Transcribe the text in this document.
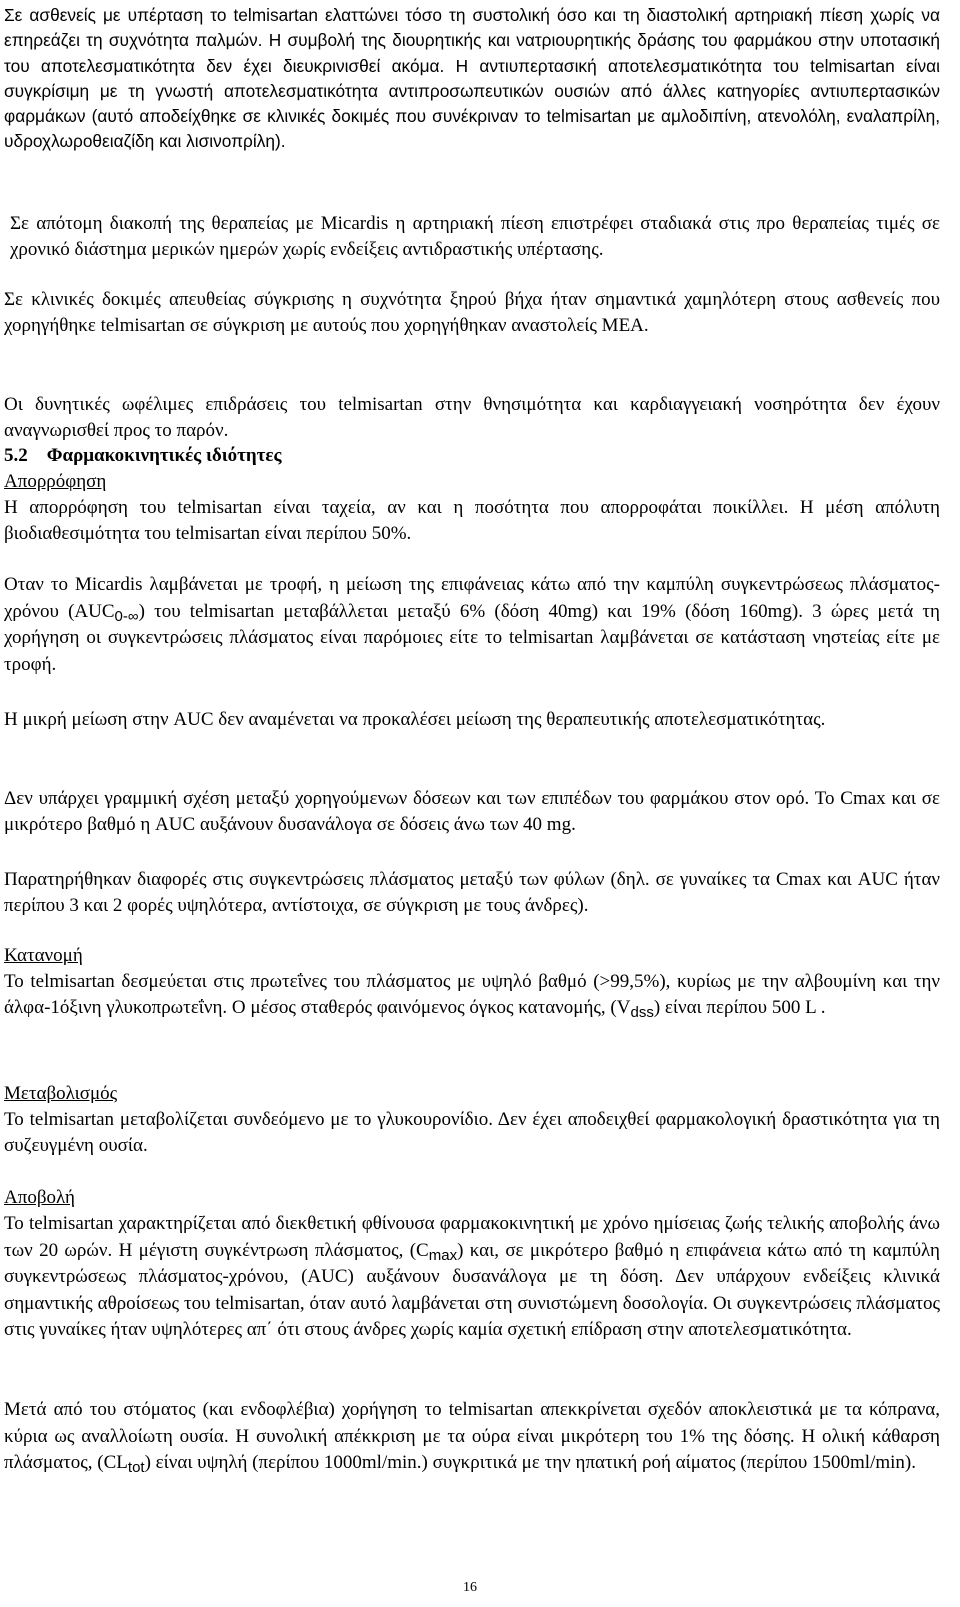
Σε ασθενείς με υπέρταση το telmisartan ελαττώνει τόσο τη συστολική όσο και τη διαστολική αρτηριακή πίεση χωρίς να επηρεάζει τη συχνότητα παλμών. Η συμβολή της διουρητικής και νατριουρητικής δράσης του φαρμάκου στην υποτασική του αποτελεσματικότητα δεν έχει διευκρινισθεί ακόμα. Η αντιυπερτασική αποτελεσματικότητα του telmisartan είναι συγκρίσιμη με τη γνωστή αποτελεσματικότητα αντιπροσωπευτικών ουσιών από άλλες κατηγορίες αντιυπερτασικών φαρμάκων (αυτό αποδείχθηκε σε κλινικές δοκιμές που συνέκριναν το telmisartan με αμλοδιπίνη, ατενολόλη, εναλαπρίλη, υδροχλωροθειαζίδη και λισινοπρίλη).

Σε απότομη διακοπή της θεραπείας με Micardis η αρτηριακή πίεση επιστρέφει σταδιακά στις προ θεραπείας τιμές σε χρονικό διάστημα μερικών ημερών χωρίς ενδείξεις αντιδραστικής υπέρτασης.

Σε κλινικές δοκιμές απευθείας σύγκρισης η συχνότητα ξηρού βήχα ήταν σημαντικά χαμηλότερη στους ασθενείς που χορηγήθηκε telmisartan σε σύγκριση με αυτούς που χορηγήθηκαν αναστολείς ΜΕΑ.

Οι δυνητικές ωφέλιμες επιδράσεις του telmisartan στην θνησιμότητα και καρδιαγγειακή νοσηρότητα δεν έχουν αναγνωρισθεί προς το παρόν.

5.2 Φαρμακοκινητικές ιδιότητες
Απορρόφηση

Η απορρόφηση του telmisartan είναι ταχεία, αν και η ποσότητα που απορροφάται ποικίλλει. Η μέση απόλυτη βιοδιαθεσιμότητα του telmisartan είναι περίπου 50%.

Οταν το Micardis λαμβάνεται με τροφή, η μείωση της επιφάνειας κάτω από την καμπύλη συγκεντρώσεως πλάσματος-χρόνου $(AUC_{0-\infty})$ του telmisartan μεταβάλλεται μεταξύ 6% (δόση 40mg) και 19% (δόση 160mg). 3 ώρες μετά τη χορήγηση οι συγκεντρώσεις πλάσματος είναι παρόμοιες είτε το telmisartan λαμβάνεται σε κατάσταση νηστείας είτε με τροφή.

Η μικρή μείωση στην AUC δεν αναμένεται να προκαλέσει μείωση της θεραπευτικής αποτελεσματικότητας.

Δεν υπάρχει γραμμική σχέση μεταξύ χορηγούμενων δόσεων και των επιπέδων του φαρμάκου στον ορό. Το Cmax και σε μικρότερο βαθμό η AUC αυξάνουν δυσανάλογα σε δόσεις άνω των 40 mg.

Παρατηρήθηκαν διαφορές στις συγκεντρώσεις πλάσματος μεταξύ των φύλων (δηλ. σε γυναίκες τα Cmax και AUC ήταν περίπου 3 και 2 φορές υψηλότερα, αντίστοιχα, σε σύγκριση με τους άνδρες).

Κατανομή

Το telmisartan δεσμεύεται στις πρωτεΐνες του πλάσματος με υψηλό βαθμό (>99,5%), κυρίως με την αλβουμίνη και την άλφα-1όξινη γλυκοπρωτεΐνη. Ο μέσος σταθερός φαινόμενος όγκος κατανομής, $(V_{dss})$ είναι περίπου 500 L .

Μεταβολισμός

Το telmisartan μεταβολίζεται συνδεόμενο με το γλυκουρονίδιο. Δεν έχει αποδειχθεί φαρμακολογική δραστικότητα για τη συζευγμένη ουσία.

Αποβολή

Το telmisartan χαρακτηρίζεται από διεκθετική φθίνουσα φαρμακοκινητική με χρόνο ημίσειας ζωής τελικής αποβολής άνω των 20 ωρών. Η μέγιστη συγκέντρωση πλάσματος, $(C_{max})$ και, σε μικρότερο βαθμό η επιφάνεια κάτω από τη καμπύλη συγκεντρώσεως πλάσματος-χρόνου, (AUC) αυξάνουν δυσανάλογα με τη δόση. Δεν υπάρχουν ενδείξεις κλινικά σημαντικής αθροίσεως του telmisartan, όταν αυτό λαμβάνεται στη συνιστώμενη δοσολογία. Οι συγκεντρώσεις πλάσματος στις γυναίκες ήταν υψηλότερες απ΄ ότι στους άνδρες χωρίς καμία σχετική επίδραση στην αποτελεσματικότητα.

Μετά από του στόματος (και ενδοφλέβια) χορήγηση το telmisartan απεκκρίνεται σχεδόν αποκλειστικά με τα κόπρανα, κύρια ως αναλλοίωτη ουσία. Η συνολική απέκκριση με τα ούρα είναι μικρότερη του 1% της δόσης. Η ολική κάθαρση πλάσματος, $(CL_{tot})$ είναι υψηλή (περίπου 1000ml/min.) συγκριτικά με την ηπατική ροή αίματος (περίπου 1500ml/min).

16
